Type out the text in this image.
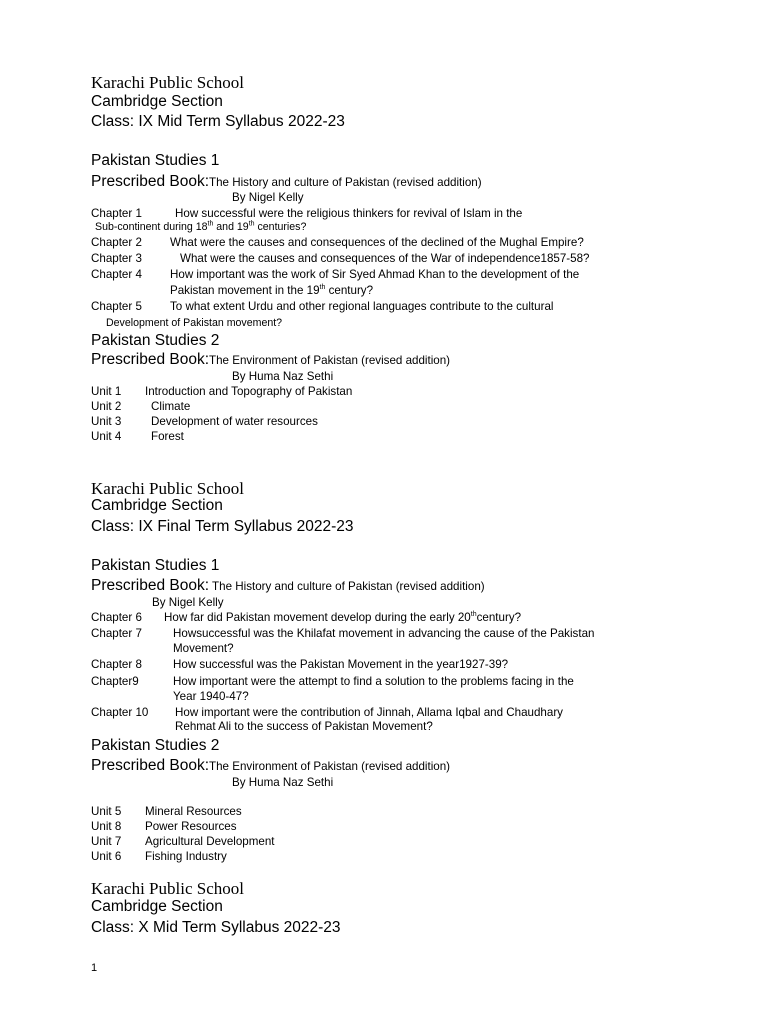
Karachi Public School
Cambridge Section
Class: IX Mid Term Syllabus 2022-23
Pakistan Studies 1
Prescribed Book:The History and culture of Pakistan (revised addition)
By Nigel Kelly
Chapter 1	How successful were the religious thinkers for revival of Islam in the
Sub-continent during 18th and 19th centuries?
Chapter 2 What were the causes and consequences of the declined of the Mughal Empire?
Chapter 3	What were the causes and consequences of the War of independence1857-58?
Chapter 4 How important was the work of Sir Syed Ahmad Khan to the development of the
Pakistan movement in the 19th century?
Chapter 5 To what extent Urdu and other regional languages contribute to the cultural
Development of Pakistan movement?
Pakistan Studies 2
Prescribed Book:The Environment of Pakistan (revised addition)
By Huma Naz Sethi
Unit 1 Introduction and Topography of Pakistan
Unit 2	Climate
Unit 3	Development of water resources
Unit 4	Forest
Karachi Public School
Cambridge Section
Class: IX Final Term Syllabus 2022-23
Pakistan Studies 1
Prescribed Book: The History and culture of Pakistan (revised addition)
By Nigel Kelly
Chapter 6 How far did Pakistan movement develop during the early 20thcentury?
Chapter 7	Howsuccessful was the Khilafat movement in advancing the cause of the Pakistan
Movement?
Chapter 8	How successful was the Pakistan Movement in the year1927-39?
Chapter9	How important were the attempt to find a solution to the problems facing in the
Year 1940-47?
Chapter 10 How important were the contribution of Jinnah, Allama Iqbal and Chaudhary
Rehmat Ali to the success of Pakistan Movement?
Pakistan Studies 2
Prescribed Book:The Environment of Pakistan (revised addition)
By Huma Naz Sethi
Unit 5 Mineral Resources
Unit 8 Power Resources
Unit 7 Agricultural Development
Unit 6 Fishing Industry
Karachi Public School
Cambridge Section
Class: X Mid Term Syllabus 2022-23
1
